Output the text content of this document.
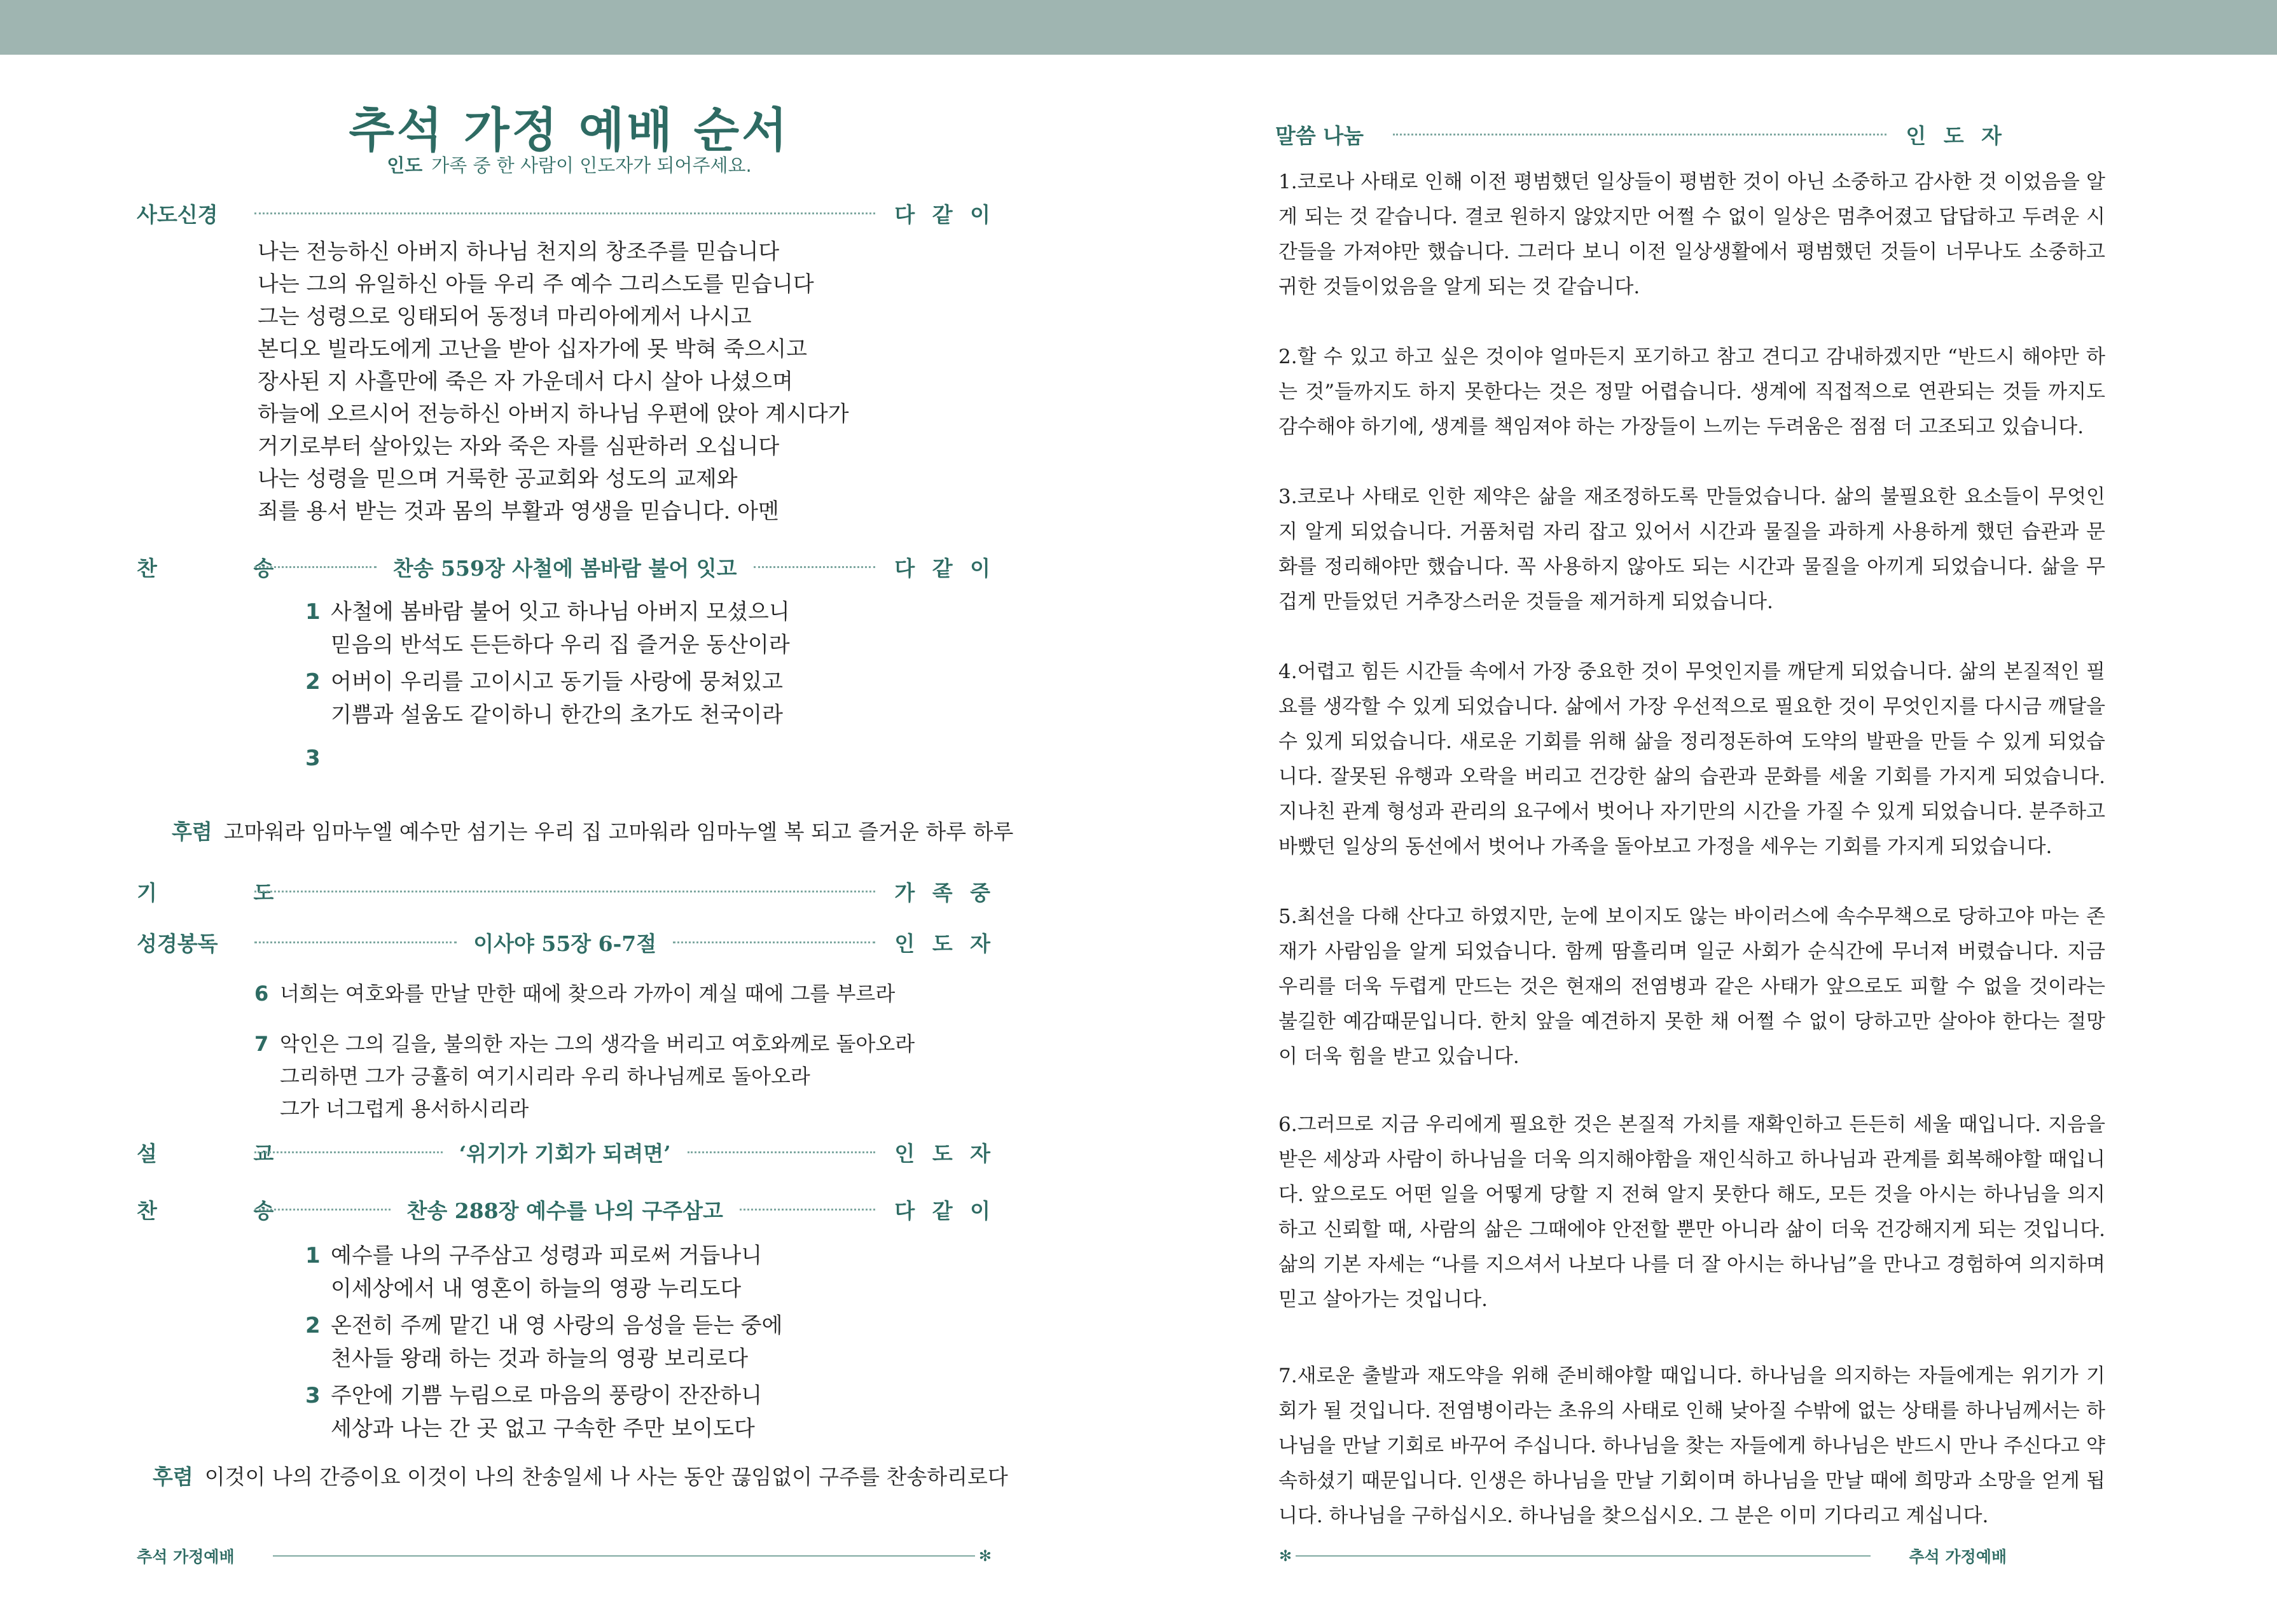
추석 가정 예배 순서
인도 가족 중 한 사람이 인도자가 되어주세요.
사도신경	다 같 이

나는 전능하신 아버지 하나님 천지의 창조주를 믿습니다

나는 그의 유일하신 아들 우리 주 예수 그리스도를 믿습니다

그는 성령으로 잉태되어 동정녀 마리아에게서 나시고

본디오 빌라도에게 고난을 받아 십자가에 못 박혀 죽으시고

장사된 지 사흘만에 죽은 자 가운데서 다시 살아 나셨으며

하늘에 오르시어 전능하신 아버지 하나님 우편에 앉아 계시다가

거기로부터 살아있는 자와 죽은 자를 심판하러 오십니다

나는 성령을 믿으며 거룩한 공교회와 성도의 교제와

죄를 용서 받는 것과 몸의 부활과 영생을 믿습니다. 아멘

찬 송	찬송 559장 사철에 봄바람 불어 잇고	다 같 이
1 사철에 봄바람 불어 잇고 하나님 아버지 모셨으니

믿음의 반석도 든든하다 우리 집 즐거운 동산이라

2 어버이 우리를 고이시고 동기들 사랑에 뭉쳐있고

기쁨과 설움도 같이하니 한간의 초가도 천국이라

3
후렴 고마워라 임마누엘 예수만 섬기는 우리 집 고마워라 임마누엘 복 되고 즐거운 하루 하루
기 도	가 족 중
성경봉독	이사야 55장 6-7절	인 도 자
6 너희는 여호와를 만날 만한 때에 찾으라 가까이 계실 때에 그를 부르라

7 악인은 그의 길을, 불의한 자는 그의 생각을 버리고 여호와께로 돌아오라

그리하면 그가 긍휼히 여기시리라 우리 하나님께로 돌아오라

그가 너그럽게 용서하시리라

설 교	‘위기가 기회가 되려면’	인 도 자
찬 송	찬송 288장 예수를 나의 구주삼고	다 같 이
1 예수를 나의 구주삼고 성령과 피로써 거듭나니

이세상에서 내 영혼이 하늘의 영광 누리도다

2 온전히 주께 맡긴 내 영 사랑의 음성을 듣는 중에

천사들 왕래 하는 것과 하늘의 영광 보리로다

3 주안에 기쁨 누림으로 마음의 풍랑이 잔잔하니

세상과 나는 간 곳 없고 구속한 주만 보이도다

후렴 이것이 나의 간증이요 이것이 나의 찬송일세 나 사는 동안 끊임없이 구주를 찬송하리로다
추석 가정예배	✻
말씀 나눔	인 도 자

1.코로나 사태로 인해 이전 평범했던 일상들이 평범한 것이 아닌 소중하고 감사한 것 이었음을 알게 되는 것 같습니다. 결코 원하지 않았지만 어쩔 수 없이 일상은 멈추어졌고 답답하고 두려운 시간들을 가져야만 했습니다. 그러다 보니 이전 일상생활에서 평범했던 것들이 너무나도 소중하고 귀한 것들이었음을 알게 되는 것 같습니다.

2.할 수 있고 하고 싶은 것이야 얼마든지 포기하고 참고 견디고 감내하겠지만 “반드시 해야만 하는 것”들까지도 하지 못한다는 것은 정말 어렵습니다. 생계에 직접적으로 연관되는 것들 까지도 감수해야 하기에, 생계를 책임져야 하는 가장들이 느끼는 두려움은 점점 더 고조되고 있습니다.

3.코로나 사태로 인한 제약은 삶을 재조정하도록 만들었습니다. 삶의 불필요한 요소들이 무엇인지 알게 되었습니다. 거품처럼 자리 잡고 있어서 시간과 물질을 과하게 사용하게 했던 습관과 문화를 정리해야만 했습니다. 꼭 사용하지 않아도 되는 시간과 물질을 아끼게 되었습니다. 삶을 무겁게 만들었던 거추장스러운 것들을 제거하게 되었습니다.

4.어렵고 힘든 시간들 속에서 가장 중요한 것이 무엇인지를 깨닫게 되었습니다. 삶의 본질적인 필요를 생각할 수 있게 되었습니다. 삶에서 가장 우선적으로 필요한 것이 무엇인지를 다시금 깨달을 수 있게 되었습니다. 새로운 기회를 위해 삶을 정리정돈하여 도약의 발판을 만들 수 있게 되었습니다. 잘못된 유행과 오락을 버리고 건강한 삶의 습관과 문화를 세울 기회를 가지게 되었습니다. 지나친 관계 형성과 관리의 요구에서 벗어나 자기만의 시간을 가질 수 있게 되었습니다. 분주하고 바빴던 일상의 동선에서 벗어나 가족을 돌아보고 가정을 세우는 기회를 가지게 되었습니다.

5.최선을 다해 산다고 하였지만, 눈에 보이지도 않는 바이러스에 속수무책으로 당하고야 마는 존재가 사람임을 알게 되었습니다. 함께 땀흘리며 일군 사회가 순식간에 무너져 버렸습니다. 지금 우리를 더욱 두렵게 만드는 것은 현재의 전염병과 같은 사태가 앞으로도 피할 수 없을 것이라는 불길한 예감때문입니다. 한치 앞을 예견하지 못한 채 어쩔 수 없이 당하고만 살아야 한다는 절망이 더욱 힘을 받고 있습니다.

6.그러므로 지금 우리에게 필요한 것은 본질적 가치를 재확인하고 든든히 세울 때입니다. 지음을 받은 세상과 사람이 하나님을 더욱 의지해야함을 재인식하고 하나님과 관계를 회복해야할 때입니다. 앞으로도 어떤 일을 어떻게 당할 지 전혀 알지 못한다 해도, 모든 것을 아시는 하나님을 의지하고 신뢰할 때, 사람의 삶은 그때에야 안전할 뿐만 아니라 삶이 더욱 건강해지게 되는 것입니다. 삶의 기본 자세는 “나를 지으셔서 나보다 나를 더 잘 아시는 하나님”을 만나고 경험하여 의지하며 믿고 살아가는 것입니다.

7.새로운 출발과 재도약을 위해 준비해야할 때입니다. 하나님을 의지하는 자들에게는 위기가 기회가 될 것입니다. 전염병이라는 초유의 사태로 인해 낮아질 수밖에 없는 상태를 하나님께서는 하나님을 만날 기회로 바꾸어 주십니다. 하나님을 찾는 자들에게 하나님은 반드시 만나 주신다고 약속하셨기 때문입니다. 인생은 하나님을 만날 기회이며 하나님을 만날 때에 희망과 소망을 얻게 됩니다. 하나님을 구하십시오. 하나님을 찾으십시오. 그 분은 이미 기다리고 계십니다.

✻	추석 가정예배
